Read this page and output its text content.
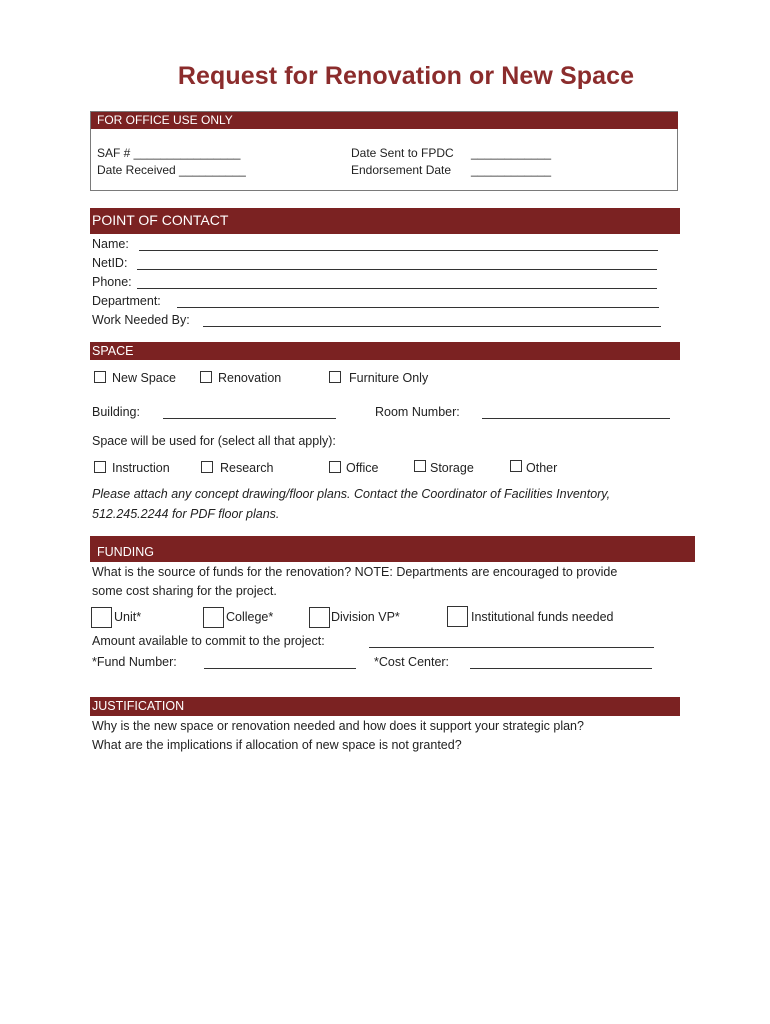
Request for Renovation or New Space
FOR OFFICE USE ONLY
SAF # ________________
Date Received __________
Date Sent to FPDC ____________
Endorsement Date ____________
POINT OF CONTACT
Name:
NetID:
Phone:
Department:
Work Needed By:
SPACE
New Space	Renovation	Furniture Only
Building:	Room Number:
Space will be used for (select all that apply):
Instruction	Research	Office	Storage	Other
Please attach any concept drawing/floor plans. Contact the Coordinator of Facilities Inventory,
512.245.2244 for PDF floor plans.
FUNDING
What is the source of funds for the renovation? NOTE: Departments are encouraged to provide
some cost sharing for the project.
Unit*	College*	Division VP*	Institutional funds needed
Amount available to commit to the project:
*Fund Number:	*Cost Center:
JUSTIFICATION
Why is the new space or renovation needed and how does it support your strategic plan?
What are the implications if allocation of new space is not granted?
